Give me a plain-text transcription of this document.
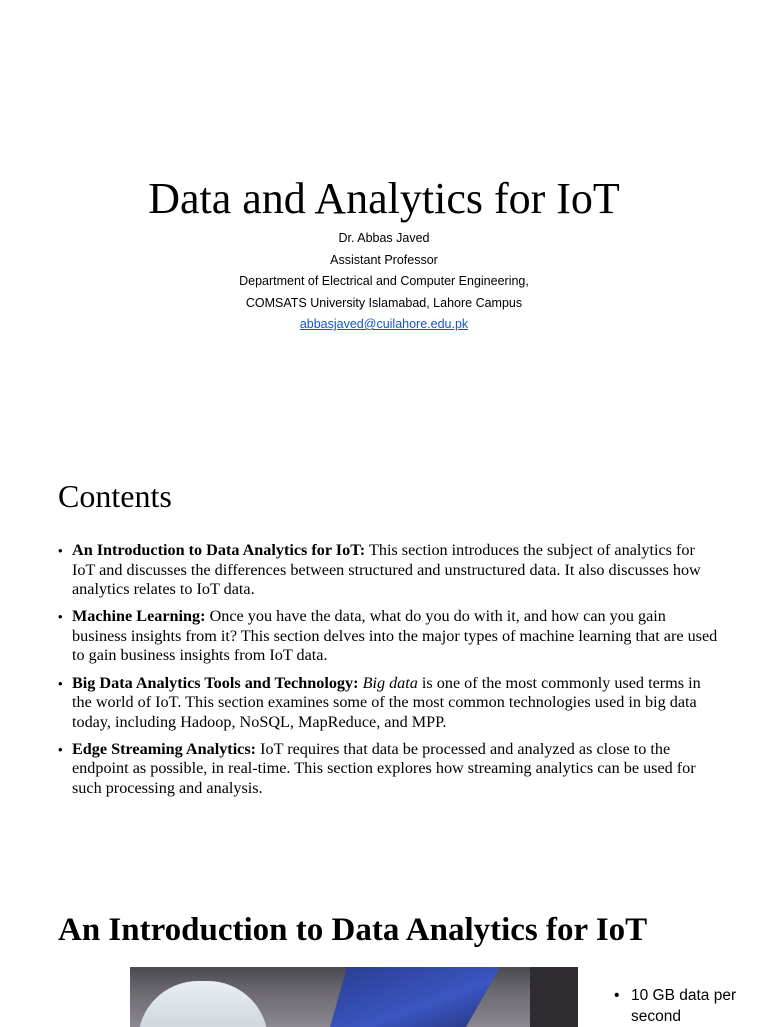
Data and Analytics for IoT
Dr. Abbas Javed
Assistant Professor
Department of Electrical and Computer Engineering,
COMSATS University Islamabad, Lahore Campus
abbasjaved@cuilahore.edu.pk
Contents
• An Introduction to Data Analytics for IoT: This section introduces the subject of analytics for IoT and discusses the differences between structured and unstructured data. It also discusses how analytics relates to IoT data.
• Machine Learning: Once you have the data, what do you do with it, and how can you gain business insights from it? This section delves into the major types of machine learning that are used to gain business insights from IoT data.
• Big Data Analytics Tools and Technology: Big data is one of the most commonly used terms in the world of IoT. This section examines some of the most common technologies used in big data today, including Hadoop, NoSQL, MapReduce, and MPP.
• Edge Streaming Analytics: IoT requires that data be processed and analyzed as close to the endpoint as possible, in real-time. This section explores how streaming analytics can be used for such processing and analysis.
An Introduction to Data Analytics for IoT
• 10 GB data per second
